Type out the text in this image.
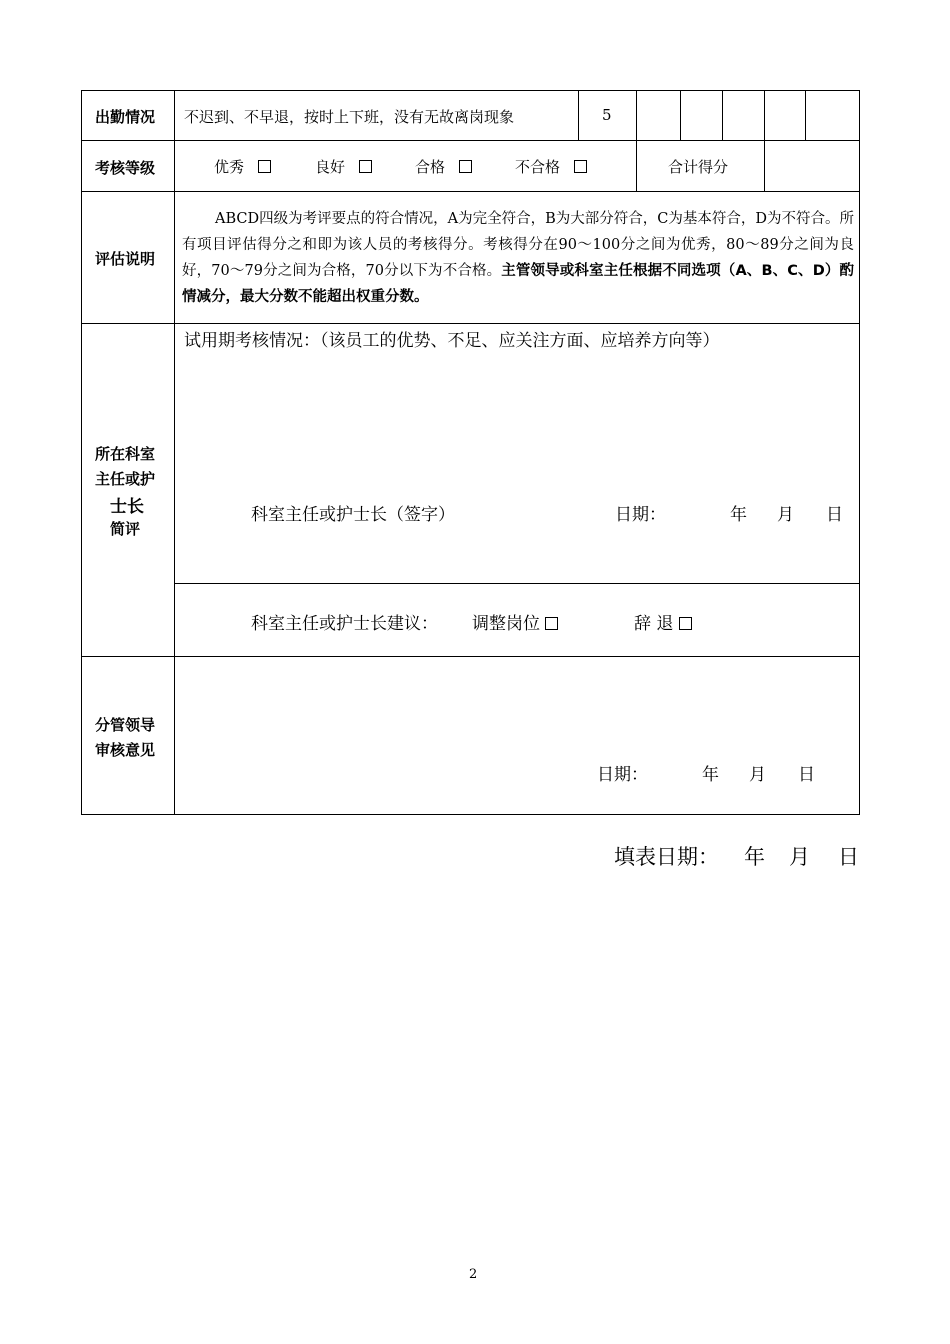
出勤情况 不迟到、不早退，按时上下班，没有无故离岗现象	5
考核等级	优秀	良好	合格	不合格	合计得分
评估说明
ABCD四级为考评要点的符合情况，A为完全符合，B为大部分符合，C为基本符合，D为不符合。所有项目评估得分之和即为该人员的考核得分。考核得分在90～100分之间为优秀，80～89分之间为良好，70～79分之间为合格，70分以下为不合格。主管领导或科室主任根据不同选项（A、B、C、D）酌情减分，最大分数不能超出权重分数。
所在科室
主任或护
士长
简评
试用期考核情况：（该员工的优势、不足、应关注方面、应培养方向等）
科室主任或护士长（签字）	日期：	年 月 日
科室主任或护士长建议： 调整岗位	辞 退
分管领导
审核意见
日期：	年 月 日
填表日期： 年 月 日
2
